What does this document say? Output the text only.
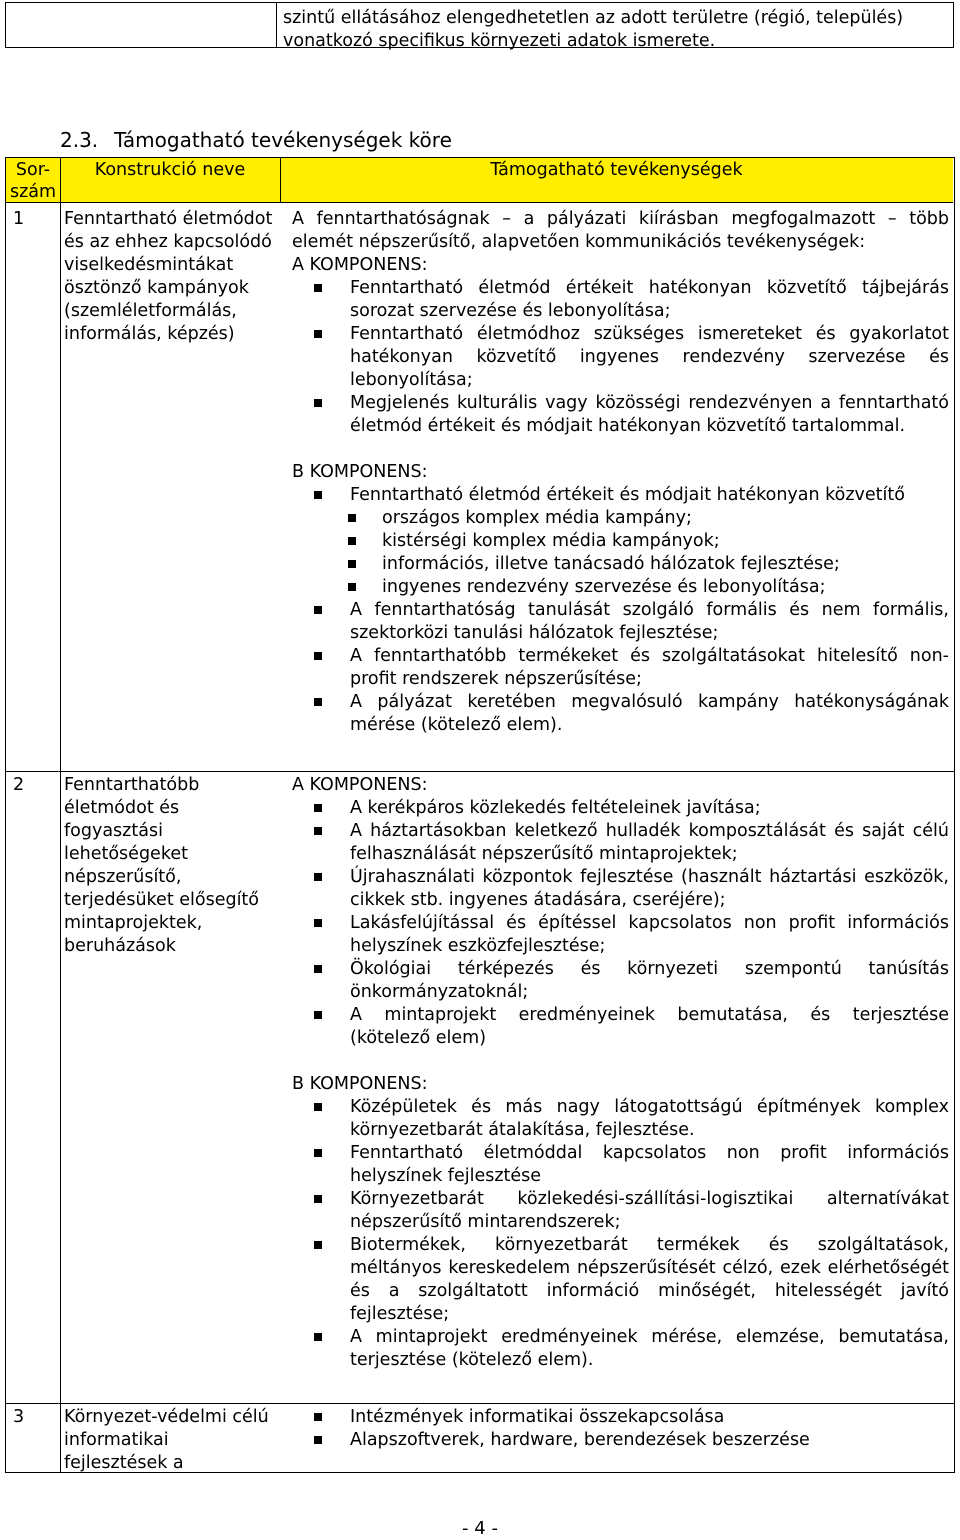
szintű ellátásához elengedhetetlen az adott területre (régió, település) vonatkozó specifikus környezeti adatok ismerete.
2.3. Támogatható tevékenységek köre
Sor-szám
Konstrukció neve	Támogatható tevékenységek
1 Fenntartható életmódot és az ehhez kapcsolódó viselkedésmintákat ösztönző kampányok (szemléletformálás, informálás, képzés)
A fenntarthatóságnak – a pályázati kiírásban megfogalmazott – több elemét népszerűsítő, alapvetően kommunikációs tevékenységek:
A KOMPONENS:
Fenntartható életmód értékeit hatékonyan közvetítő tájbejárás sorozat szervezése és lebonyolítása;
Fenntartható életmódhoz szükséges ismereteket és gyakorlatot hatékonyan közvetítő ingyenes rendezvény szervezése és lebonyolítása;
Megjelenés kulturális vagy közösségi rendezvényen a fenntartható életmód értékeit és módjait hatékonyan közvetítő tartalommal.
B KOMPONENS:
Fenntartható életmód értékeit és módjait hatékonyan közvetítő
országos komplex média kampány;
kistérségi komplex média kampányok;
információs, illetve tanácsadó hálózatok fejlesztése;
ingyenes rendezvény szervezése és lebonyolítása;
A fenntarthatóság tanulását szolgáló formális és nem formális, szektorközi tanulási hálózatok fejlesztése;
A fenntarthatóbb termékeket és szolgáltatásokat hitelesítő non-profit rendszerek népszerűsítése;
A pályázat keretében megvalósuló kampány hatékonyságának mérése (kötelező elem).
2 Fenntarthatóbb életmódot és fogyasztási lehetőségeket népszerűsítő, terjedésüket elősegítő mintaprojektek, beruházások
A KOMPONENS:
A kerékpáros közlekedés feltételeinek javítása;
A háztartásokban keletkező hulladék komposztálását és saját célú felhasználását népszerűsítő mintaprojektek;
Újrahasználati központok fejlesztése (használt háztartási eszközök, cikkek stb. ingyenes átadására, cseréjére);
Lakásfelújítással és építéssel kapcsolatos non profit információs helyszínek eszközfejlesztése;
Ökológiai térképezés és környezeti szempontú tanúsítás önkormányzatoknál;
A mintaprojekt eredményeinek bemutatása, és terjesztése (kötelező elem)
B KOMPONENS:
Középületek és más nagy látogatottságú építmények komplex környezetbarát átalakítása, fejlesztése.
Fenntartható életmóddal kapcsolatos non profit információs helyszínek fejlesztése
Környezetbarát közlekedési-szállítási-logisztikai alternatívákat népszerűsítő mintarendszerek;
Biotermékek, környezetbarát termékek és szolgáltatások, méltányos kereskedelem népszerűsítését célzó, ezek elérhetőségét és a szolgáltatott információ minőségét, hitelességét javító fejlesztése;
A mintaprojekt eredményeinek mérése, elemzése, bemutatása, terjesztése (kötelező elem).
3 Környezet-védelmi célú informatikai fejlesztések a
Intézmények informatikai összekapcsolása
Alapszoftverek, hardware, berendezések beszerzése
- 4 -
